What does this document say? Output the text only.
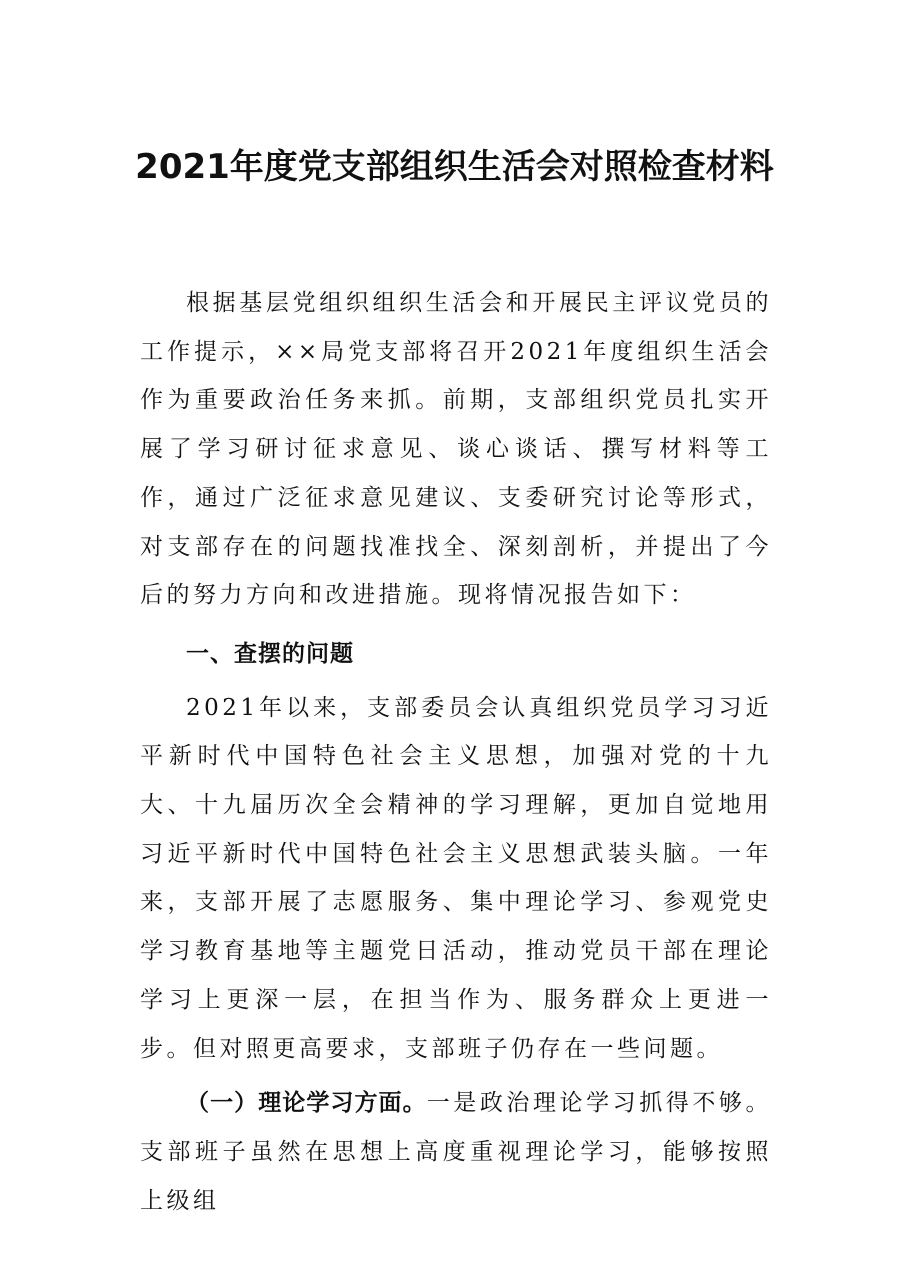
2021年度党支部组织生活会对照检查材料

根据基层党组织组织生活会和开展民主评议党员的工作提示，××局党支部将召开2021年度组织生活会作为重要政治任务来抓。前期，支部组织党员扎实开展了学习研讨征求意见、谈心谈话、撰写材料等工作，通过广泛征求意见建议、支委研究讨论等形式，对支部存在的问题找准找全、深刻剖析，并提出了今后的努力方向和改进措施。现将情况报告如下：

一、查摆的问题

2021年以来，支部委员会认真组织党员学习习近平新时代中国特色社会主义思想，加强对党的十九大、十九届历次全会精神的学习理解，更加自觉地用习近平新时代中国特色社会主义思想武装头脑。一年来，支部开展了志愿服务、集中理论学习、参观党史学习教育基地等主题党日活动，推动党员干部在理论学习上更深一层，在担当作为、服务群众上更进一步。但对照更高要求，支部班子仍存在一些问题。

（一）理论学习方面。一是政治理论学习抓得不够。支部班子虽然在思想上高度重视理论学习，能够按照上级组
